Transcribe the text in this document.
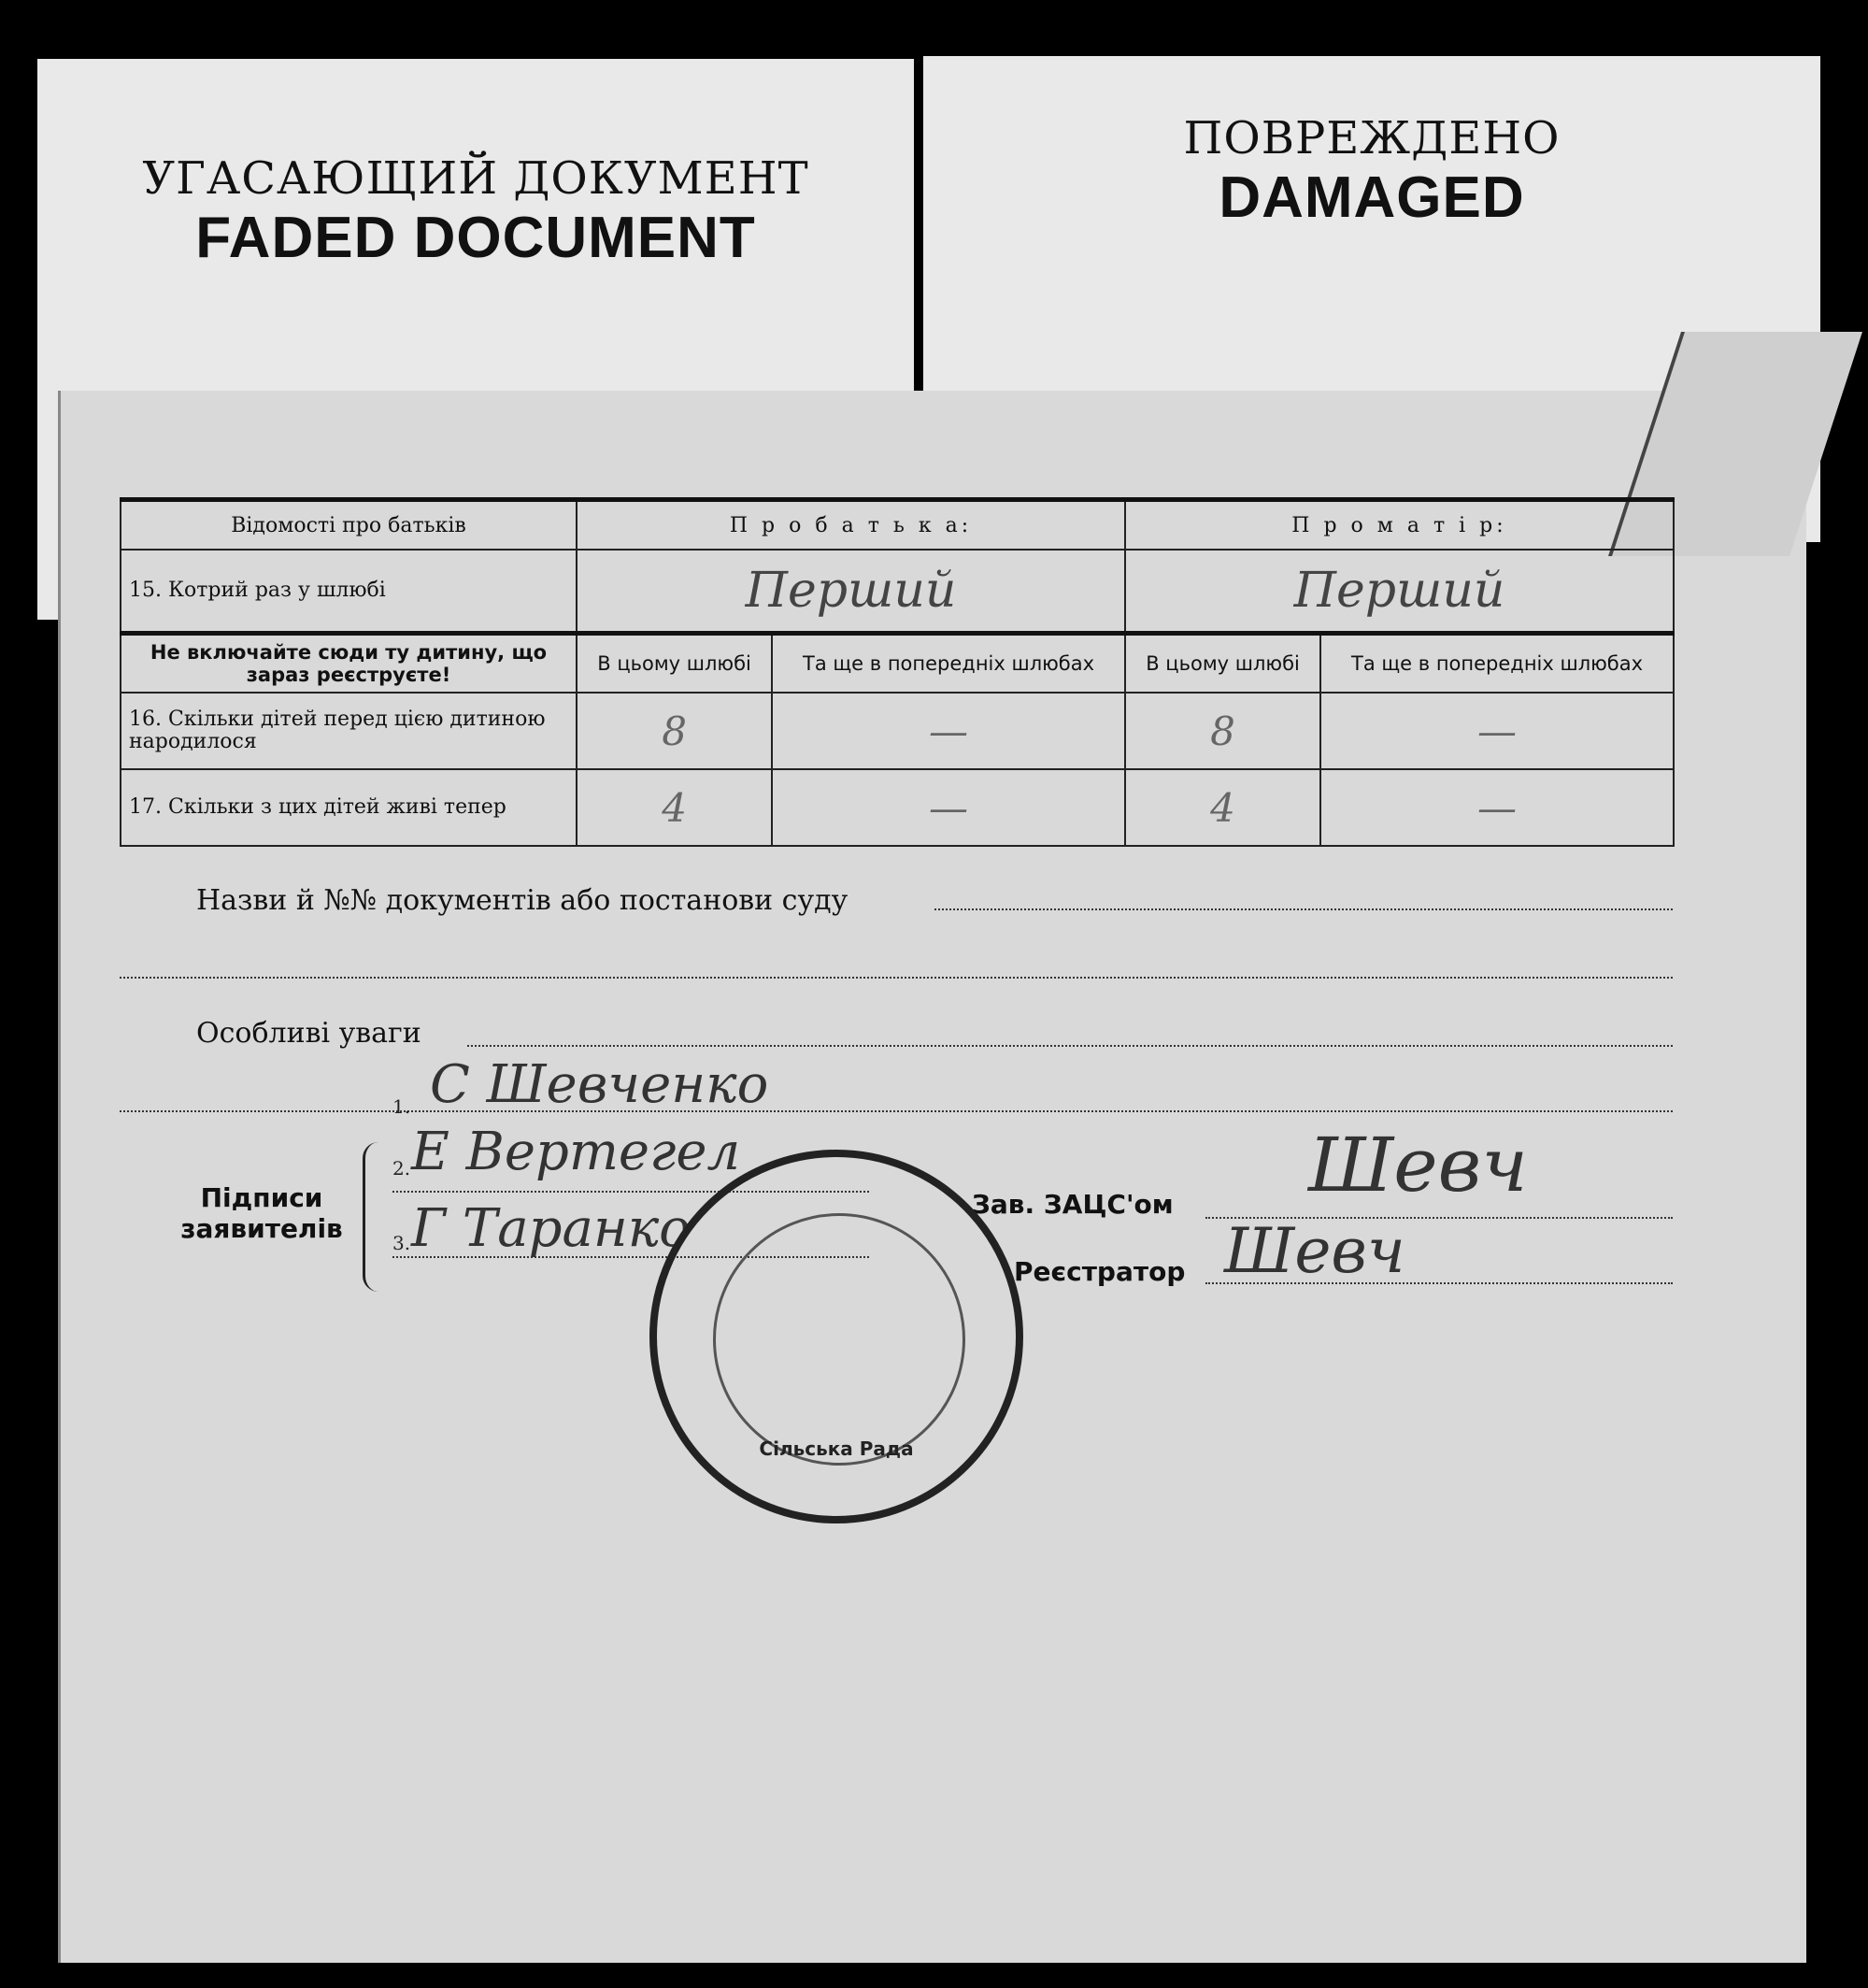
УГАСАЮЩИЙ ДОКУМЕНТ
FADED DOCUMENT
ПОВРЕЖДЕНО
DAMAGED
Відомості про батьків	П р о б а т ь к а:		П р о м а т і р:	
15. Котрий раз у шлюбі	Перший		Перший	
Не включайте сюди ту дитину, що зараз реєструєте!	В цьому шлюбі	Та ще в попередніх шлюбах	В цьому шлюбі	Та ще в попередніх шлюбах
16. Скільки дітей перед цією дитиною народилося	8	—	8	—
17. Скільки з цих дітей живі тепер	4	—	4	—
Назви й №№ документів або постанови суду
Особливі уваги
Підписи заявителів
1.
2.
3.
С Шевченко
Е Вертегел
Г Таранко	Зав. ЗАЦС'ом Шевч
Реєстратор Шевч
Сільська Рада
